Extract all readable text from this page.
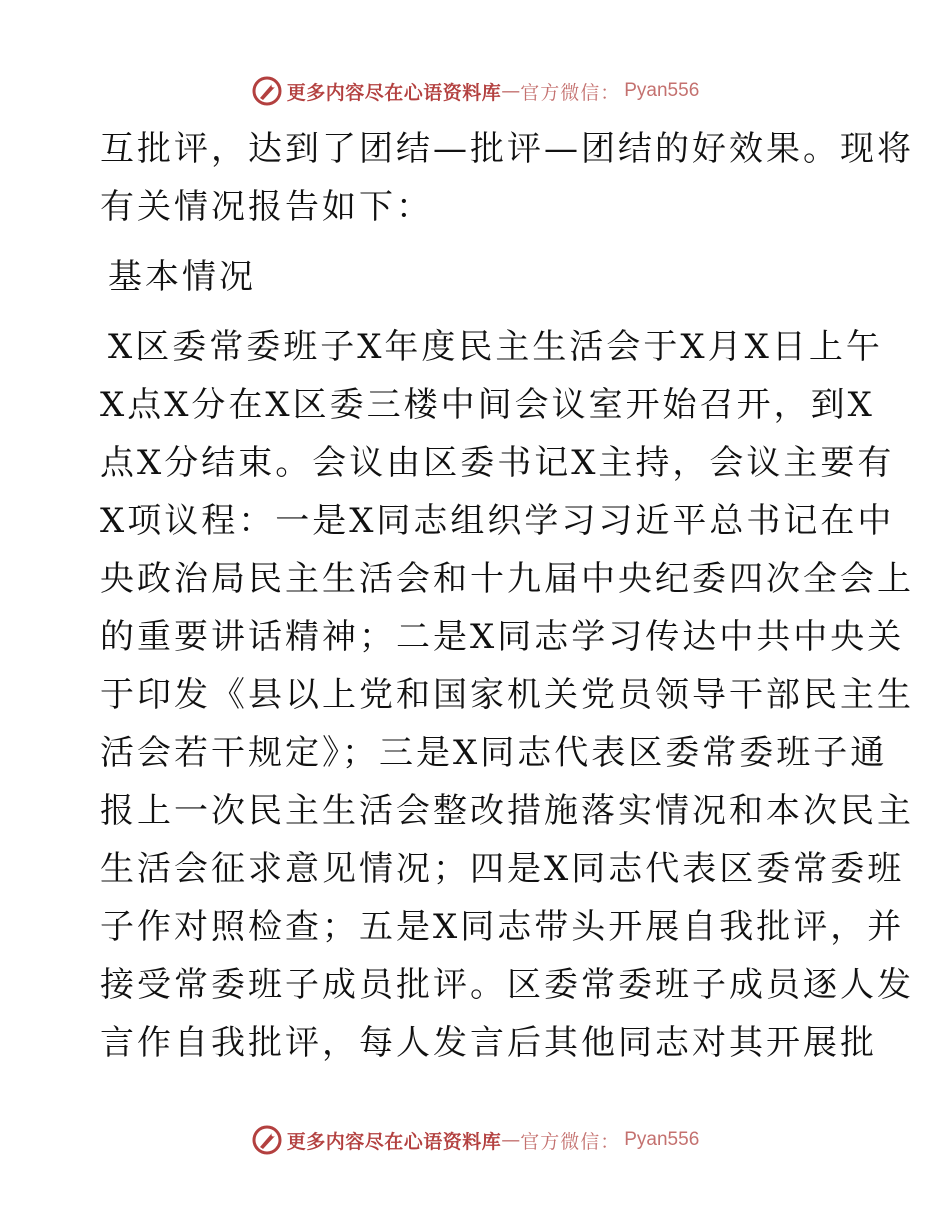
更多内容尽在心语资料库 — 官方微信： Pyan556
互批评，达到了团结—批评—团结的好效果。现将
有关情况报告如下：
基本情况
X区委常委班子X年度民主生活会于X月X日上午
X点X分在X区委三楼中间会议室开始召开，到X
点X分结束。会议由区委书记X主持，会议主要有
X项议程：一是X同志组织学习习近平总书记在中
央政治局民主生活会和十九届中央纪委四次全会上
的重要讲话精神；二是X同志学习传达中共中央关
于印发《县以上党和国家机关党员领导干部民主生
活会若干规定》；三是X同志代表区委常委班子通
报上一次民主生活会整改措施落实情况和本次民主
生活会征求意见情况；四是X同志代表区委常委班
子作对照检查；五是X同志带头开展自我批评，并
接受常委班子成员批评。区委常委班子成员逐人发
言作自我批评，每人发言后其他同志对其开展批
更多内容尽在心语资料库 — 官方微信： Pyan556
